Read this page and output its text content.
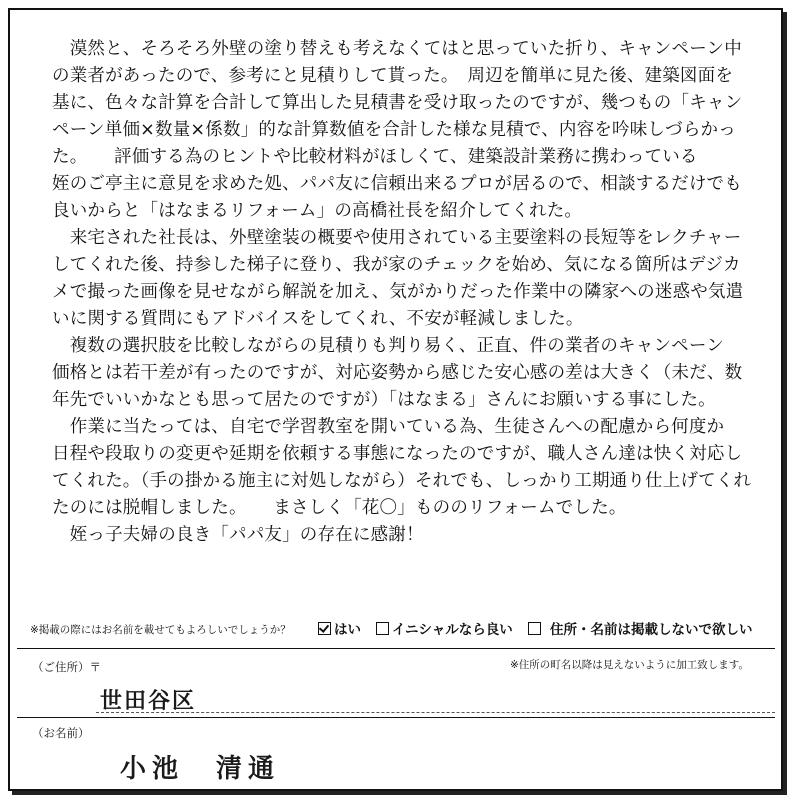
　漠然と、そろそろ外壁の塗り替えも考えなくてはと思っていた折り、キャンペーン中
の業者があったので、参考にと見積りして貰った。　周辺を簡単に見た後、建築図面を
基に、色々な計算を合計して算出した見積書を受け取ったのですが、幾つもの「キャン
ペーン単価×数量×係数」的な計算数値を合計した様な見積で、内容を吟味しづらかっ
た。　　評価する為のヒントや比較材料がほしくて、建築設計業務に携わっている
姪のご亭主に意見を求めた処、パパ友に信頼出来るプロが居るので、相談するだけでも
良いからと「はなまるリフォーム」の高橋社長を紹介してくれた。
　来宅された社長は、外壁塗装の概要や使用されている主要塗料の長短等をレクチャー
してくれた後、持参した梯子に登り、我が家のチェックを始め、気になる箇所はデジカ
メで撮った画像を見せながら解説を加え、気がかりだった作業中の隣家への迷惑や気遣
いに関する質問にもアドバイスをしてくれ、不安が軽減しました。
　複数の選択肢を比較しながらの見積りも判り易く、正直、件の業者のキャンペーン
価格とは若干差が有ったのですが、対応姿勢から感じた安心感の差は大きく（未だ、数
年先でいいかなとも思って居たのですが）「はなまる」さんにお願いする事にした。
　作業に当たっては、自宅で学習教室を開いている為、生徒さんへの配慮から何度か
日程や段取りの変更や延期を依頼する事態になったのですが、職人さん達は快く対応し
てくれた。（手の掛かる施主に対処しながら）それでも、しっかり工期通り仕上げてくれ
たのには脱帽しました。　　まさしく「花〇」もののリフォームでした。
　姪っ子夫婦の良き「パパ友」の存在に感謝！
※掲載の際にはお名前を載せてもよろしいでしょうか？	はい	イニシャルなら良い	住所・名前は掲載しないで欲しい
（ご住所）〒	※住所の町名以降は見えないように加工致します。
世田谷区
（お名前）
小池　清通
